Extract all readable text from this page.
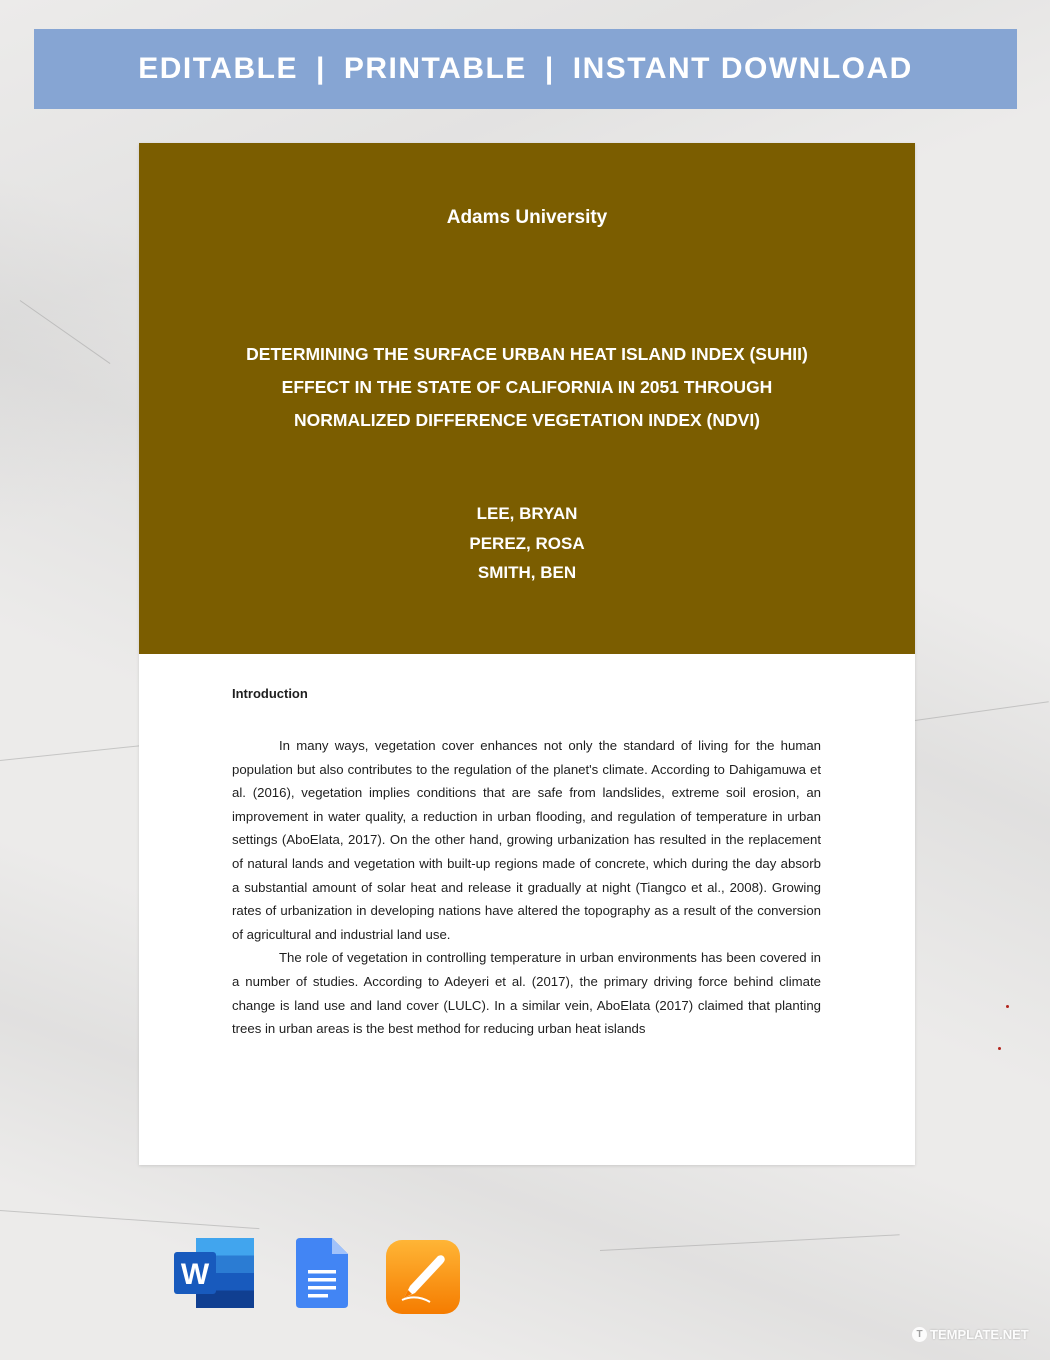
EDITABLE | PRINTABLE | INSTANT DOWNLOAD
Adams University
DETERMINING THE SURFACE URBAN HEAT ISLAND INDEX (SUHII)
EFFECT IN THE STATE OF CALIFORNIA IN 2051 THROUGH
NORMALIZED DIFFERENCE VEGETATION INDEX (NDVI)
LEE, BRYAN
PEREZ, ROSA
SMITH, BEN
Introduction

In many ways, vegetation cover enhances not only the standard of living for the human population but also contributes to the regulation of the planet's climate. According to Dahigamuwa et al. (2016), vegetation implies conditions that are safe from landslides, extreme soil erosion, an improvement in water quality, a reduction in urban flooding, and regulation of temperature in urban settings (AboElata, 2017). On the other hand, growing urbanization has resulted in the replacement of natural lands and vegetation with built-up regions made of concrete, which during the day absorb a substantial amount of solar heat and release it gradually at night (Tiangco et al., 2008). Growing rates of urbanization in developing nations have altered the topography as a result of the conversion of agricultural and industrial land use.

The role of vegetation in controlling temperature in urban environments has been covered in a number of studies. According to Adeyeri et al. (2017), the primary driving force behind climate change is land use and land cover (LULC). In a similar vein, AboElata (2017) claimed that planting trees in urban areas is the best method for reducing urban heat islands

W
T TEMPLATE.NET
